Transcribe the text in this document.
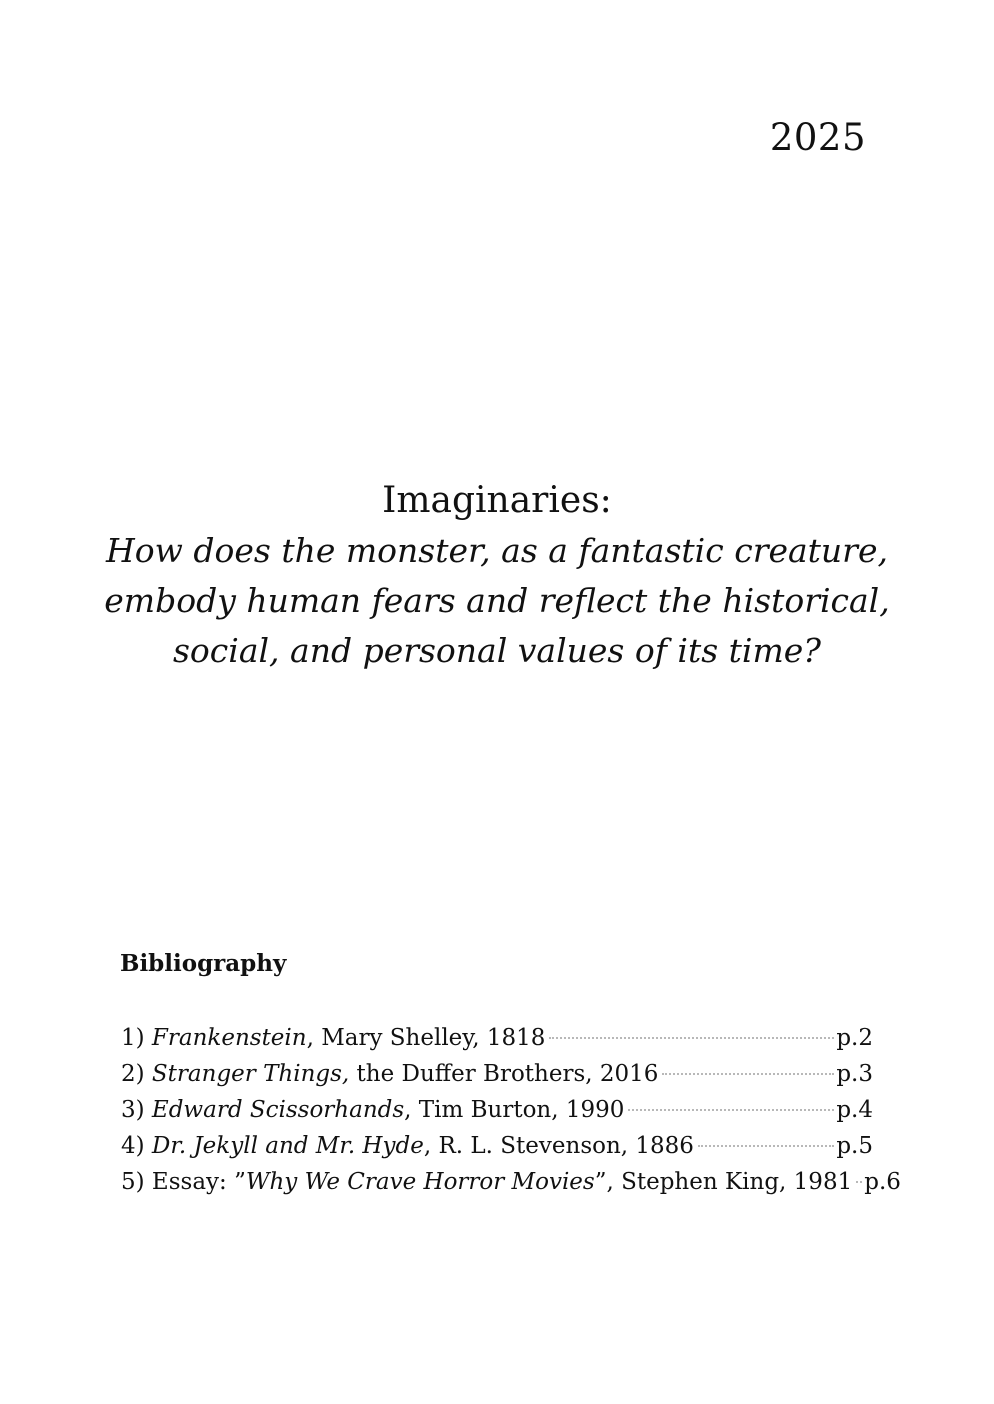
2025
Imaginaries:
How does the monster, as a fantastic creature,
embody human fears and reflect the historical,
social, and personal values of its time?
Bibliography
1) Frankenstein, Mary Shelley, 1818	p.2
2) Stranger Things, the Duffer Brothers, 2016	p.3
3) Edward Scissorhands, Tim Burton, 1990	p.4
4) Dr. Jekyll and Mr. Hyde, R. L. Stevenson, 1886	p.5
5) Essay: ”Why We Crave Horror Movies”, Stephen King, 1981 p.6
